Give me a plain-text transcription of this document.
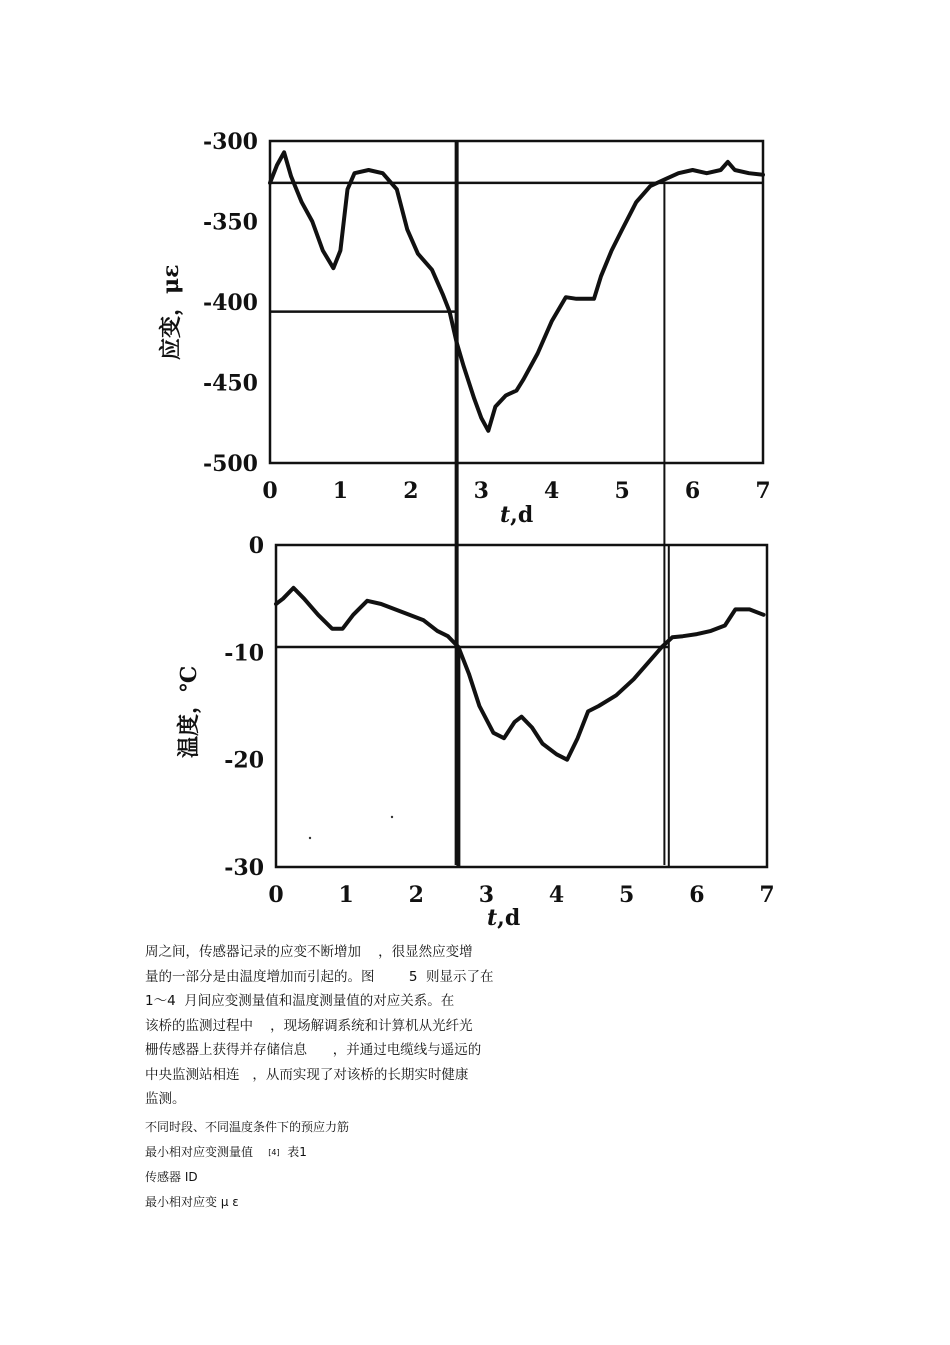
-300
-350
-400
-450
-500
0	1	2	3	4	5	6	7
应变，με
t,d
0
-10
-20
-30
0 1 2 3 4 5 6 7
温度，℃
t,d
周之间，传感器记录的应变不断增加    ，很显然应变增
量的一部分是由温度增加而引起的。图        5  则显示了在
1～4  月间应变测量值和温度测量值的对应关系。在
该桥的监测过程中    ，现场解调系统和计算机从光纤光
栅传感器上获得并存储信息      ，并通过电缆线与遥远的
中央监测站相连   ，从而实现了对该桥的长期实时健康
监测。
不同时段、不同温度条件下的预应力筋
最小相对应变测量值 [4] 表1
传感器 ID
最小相对应变 μ ε
